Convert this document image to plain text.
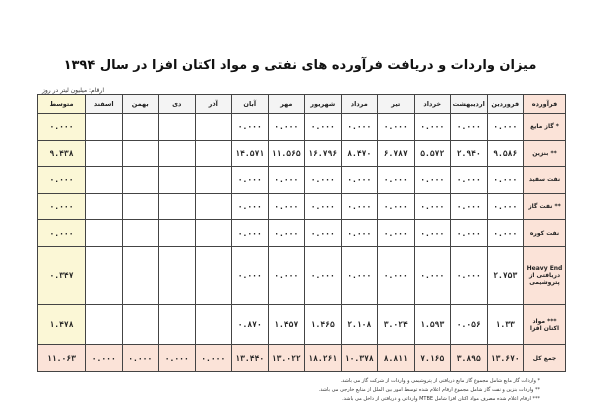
میزان واردات و دریافت فرآورده های نفتی و مواد اکتان افزا در سال ۱۳۹۴
ارقام: میلیون لیتر در روز
متوسط	اسفند	بهمن	دی	آذر	آبان	مهر	شهریور	مرداد	تیر	خرداد	اردیبهشت	فروردین	فرآورده
۰.۰۰۰					۰.۰۰۰	۰.۰۰۰	۰.۰۰۰	۰.۰۰۰	۰.۰۰۰	۰.۰۰۰	۰.۰۰۰	۰.۰۰۰	* گاز مایع
۹.۴۳۸					۱۴.۵۷۱	۱۱.۵۶۵	۱۶.۷۹۶	۸.۴۷۰	۶.۷۸۷	۵.۵۷۲	۲.۹۴۰	۹.۵۸۶	** بنزین
۰.۰۰۰					۰.۰۰۰	۰.۰۰۰	۰.۰۰۰	۰.۰۰۰	۰.۰۰۰	۰.۰۰۰	۰.۰۰۰	۰.۰۰۰	نفت سفید
۰.۰۰۰					۰.۰۰۰	۰.۰۰۰	۰.۰۰۰	۰.۰۰۰	۰.۰۰۰	۰.۰۰۰	۰.۰۰۰	۰.۰۰۰	** نفت گاز
۰.۰۰۰					۰.۰۰۰	۰.۰۰۰	۰.۰۰۰	۰.۰۰۰	۰.۰۰۰	۰.۰۰۰	۰.۰۰۰	۰.۰۰۰	نفت کوره
۰.۳۴۷					۰.۰۰۰	۰.۰۰۰	۰.۰۰۰	۰.۰۰۰	۰.۰۰۰	۰.۰۰۰	۰.۰۰۰	۲.۷۵۳	Heavy End دریافتی از پتروشیمی
۱.۴۷۸					۰.۸۷۰	۱.۴۵۷	۱.۴۶۵	۲.۱۰۸	۳.۰۲۴	۱.۵۹۳	۰.۰۵۶	۱.۳۳	*** مواد اکتان افزا
۱۱.۰۶۳	۰.۰۰۰	۰.۰۰۰	۰.۰۰۰	۰.۰۰۰	۱۳.۴۴۰	۱۳.۰۲۲	۱۸.۲۶۱	۱۰.۳۷۸	۸.۸۱۱	۷.۱۶۵	۳.۸۹۵	۱۳.۶۷۰	جمع کل
* واردات گاز مایع شامل مجموع گاز مایع دریافتی از پتروشیمی و واردات از شرکت گاز می باشد.
** واردات بنزین و نفت گاز شامل مجموع ارقام اعلام شده توسط امور بین الملل از منابع خارجی می باشد.
*** ارقام اعلام شده مصرف مواد اکتان افزا شامل MTBE وارداتی و دریافتی از داخل می باشد.
